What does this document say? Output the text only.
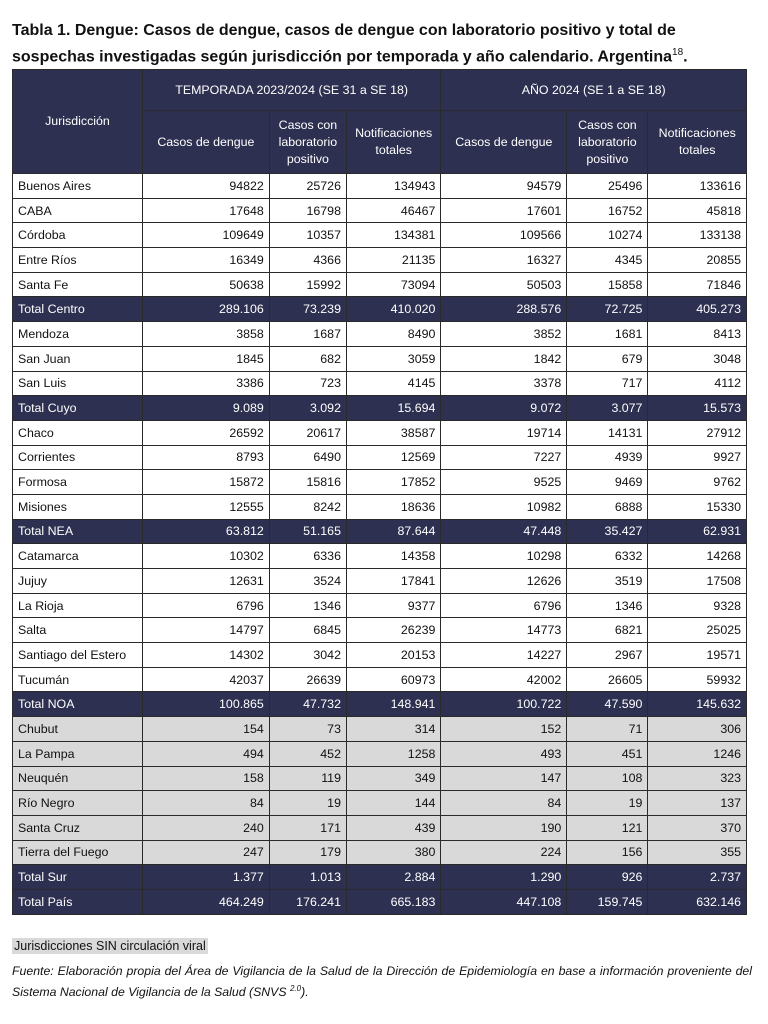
Tabla 1. Dengue: Casos de dengue, casos de dengue con laboratorio positivo y total de sospechas investigadas según jurisdicción por temporada y año calendario. Argentina$^{18}$.
Jurisdicción	TEMPORADA 2023/2024 (SE 31 a SE 18)			AÑO 2024 (SE 1 a SE 18)		
	Casos de dengue	Casos con laboratorio positivo	Notificaciones totales	Casos de dengue	Casos con laboratorio positivo	Notificaciones totales
Buenos Aires	94822	25726	134943	94579	25496	133616
CABA	17648	16798	46467	17601	16752	45818
Córdoba	109649	10357	134381	109566	10274	133138
Entre Ríos	16349	4366	21135	16327	4345	20855
Santa Fe	50638	15992	73094	50503	15858	71846
Total Centro	289.106	73.239	410.020	288.576	72.725	405.273
Mendoza	3858	1687	8490	3852	1681	8413
San Juan	1845	682	3059	1842	679	3048
San Luis	3386	723	4145	3378	717	4112
Total Cuyo	9.089	3.092	15.694	9.072	3.077	15.573
Chaco	26592	20617	38587	19714	14131	27912
Corrientes	8793	6490	12569	7227	4939	9927
Formosa	15872	15816	17852	9525	9469	9762
Misiones	12555	8242	18636	10982	6888	15330
Total NEA	63.812	51.165	87.644	47.448	35.427	62.931
Catamarca	10302	6336	14358	10298	6332	14268
Jujuy	12631	3524	17841	12626	3519	17508
La Rioja	6796	1346	9377	6796	1346	9328
Salta	14797	6845	26239	14773	6821	25025
Santiago del Estero	14302	3042	20153	14227	2967	19571
Tucumán	42037	26639	60973	42002	26605	59932
Total NOA	100.865	47.732	148.941	100.722	47.590	145.632
Chubut	154	73	314	152	71	306
La Pampa	494	452	1258	493	451	1246
Neuquén	158	119	349	147	108	323
Río Negro	84	19	144	84	19	137
Santa Cruz	240	171	439	190	121	370
Tierra del Fuego	247	179	380	224	156	355
Total Sur	1.377	1.013	2.884	1.290	926	2.737
Total País	464.249	176.241	665.183	447.108	159.745	632.146
Jurisdicciones SIN circulación viral
Fuente: Elaboración propia del Área de Vigilancia de la Salud de la Dirección de Epidemiología en base a información proveniente del Sistema Nacional de Vigilancia de la Salud (SNVS $^{2.0}$).
